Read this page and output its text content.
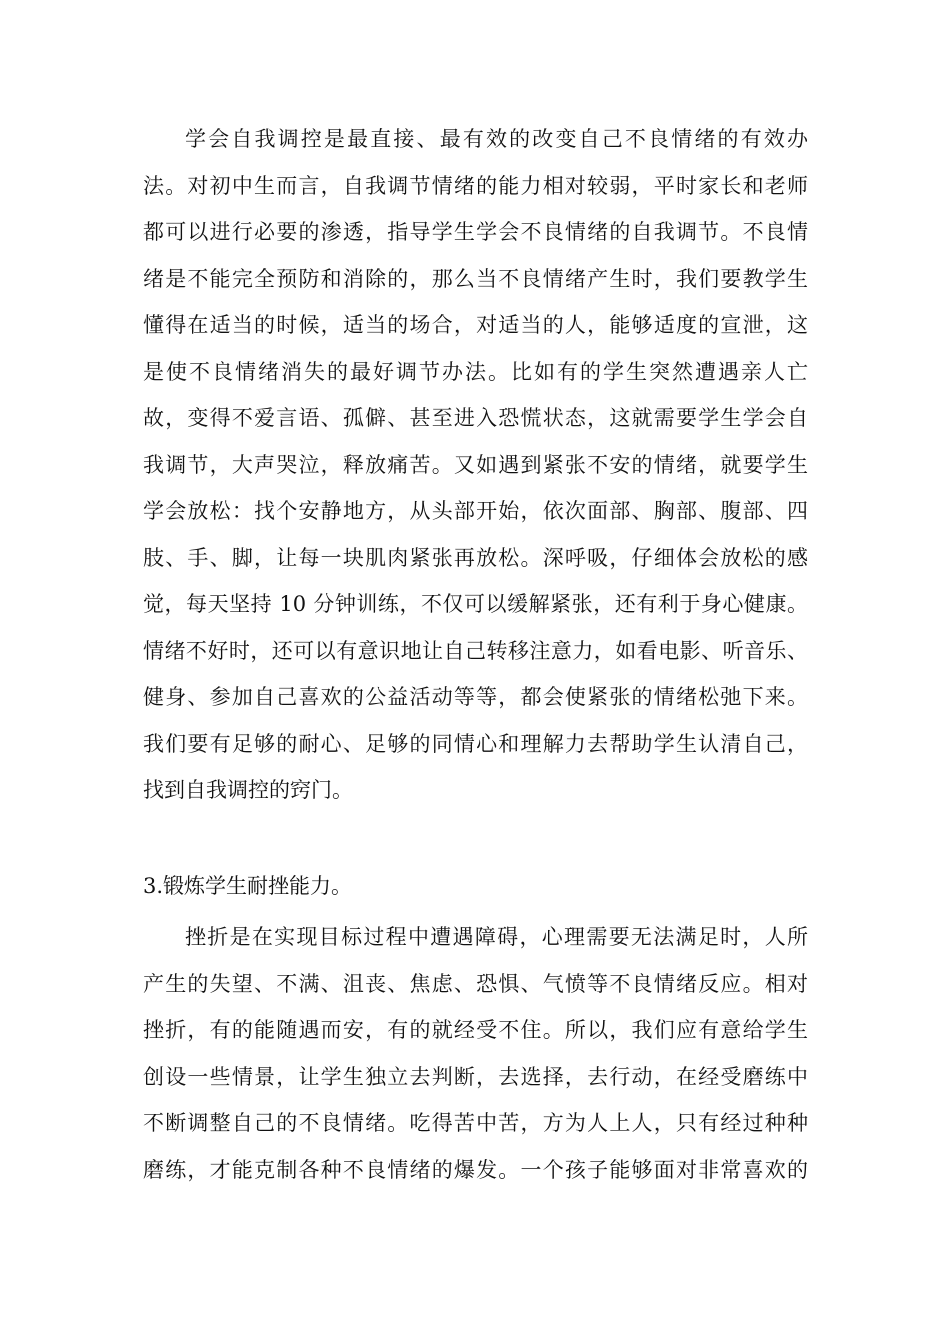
学会自我调控是最直接、最有效的改变自己不良情绪的有效办
法。对初中生而言，自我调节情绪的能力相对较弱，平时家长和老师
都可以进行必要的渗透，指导学生学会不良情绪的自我调节。不良情
绪是不能完全预防和消除的，那么当不良情绪产生时，我们要教学生
懂得在适当的时候，适当的场合，对适当的人，能够适度的宣泄，这
是使不良情绪消失的最好调节办法。比如有的学生突然遭遇亲人亡
故，变得不爱言语、孤僻、甚至进入恐慌状态，这就需要学生学会自
我调节，大声哭泣，释放痛苦。又如遇到紧张不安的情绪，就要学生
学会放松：找个安静地方，从头部开始，依次面部、胸部、腹部、四
肢、手、脚，让每一块肌肉紧张再放松。深呼吸，仔细体会放松的感
觉，每天坚持 10 分钟训练，不仅可以缓解紧张，还有利于身心健康。
情绪不好时，还可以有意识地让自己转移注意力，如看电影、听音乐、
健身、参加自己喜欢的公益活动等等，都会使紧张的情绪松弛下来。
我们要有足够的耐心、足够的同情心和理解力去帮助学生认清自己，
找到自我调控的窍门。
3.锻炼学生耐挫能力。
挫折是在实现目标过程中遭遇障碍，心理需要无法满足时，人所
产生的失望、不满、沮丧、焦虑、恐惧、气愤等不良情绪反应。相对
挫折，有的能随遇而安，有的就经受不住。所以，我们应有意给学生
创设一些情景，让学生独立去判断，去选择，去行动，在经受磨练中
不断调整自己的不良情绪。吃得苦中苦，方为人上人，只有经过种种
磨练，才能克制各种不良情绪的爆发。一个孩子能够面对非常喜欢的
